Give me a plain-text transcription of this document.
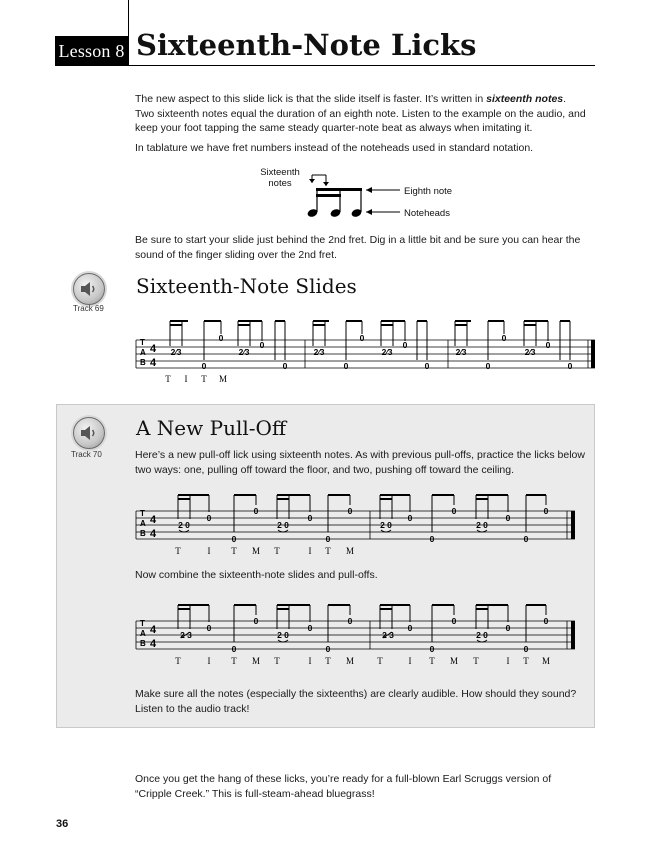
Lesson 8 Sixteenth-Note Licks
The new aspect to this slide lick is that the slide itself is faster. It’s written in sixteenth notes. Two sixteenth notes equal the duration of an eighth note. Listen to the example on the audio, and keep your foot tapping the same steady quarter-note beat as always when imitating it.
In tablature we have fret numbers instead of the noteheads used in standard notation.
Sixteenth notes
Eighth note
Noteheads
Be sure to start your slide just behind the 2nd fret. Dig in a little bit and be sure you can hear the sound of the finger sliding over the 2nd fret.
Track 69
Sixteenth-Note Slides
T
A
B
4
4
2⁄3
0
0
2⁄3
0
0
2⁄3
0
0
2⁄3
0
0
2⁄3
0
0
2⁄3
0
0
T I T M
Track 70
A New Pull-Off
Here’s a new pull-off lick using sixteenth notes. As with previous pull-offs, practice the licks below two ways: one, pulling off toward the floor, and two, pushing off toward the ceiling.
T
A
B
4
4
2 0
0
0
0
2 0
0
0
0
2 0
0
0
0
2 0
0
0
0
T	I T M T	I T M
Now combine the sixteenth-note slides and pull-offs.
T
A
B
4
4
2 3
0
0
0
2 0
0
0
0
2 3
0
0
0
2 0
0
0
0
T	I T M T	I T M	T	I T M T	I T M
Make sure all the notes (especially the sixteenths) are clearly audible. How should they sound? Listen to the audio track!
Once you get the hang of these licks, you’re ready for a full-blown Earl Scruggs version of “Cripple Creek.” This is full-steam-ahead bluegrass!
36
